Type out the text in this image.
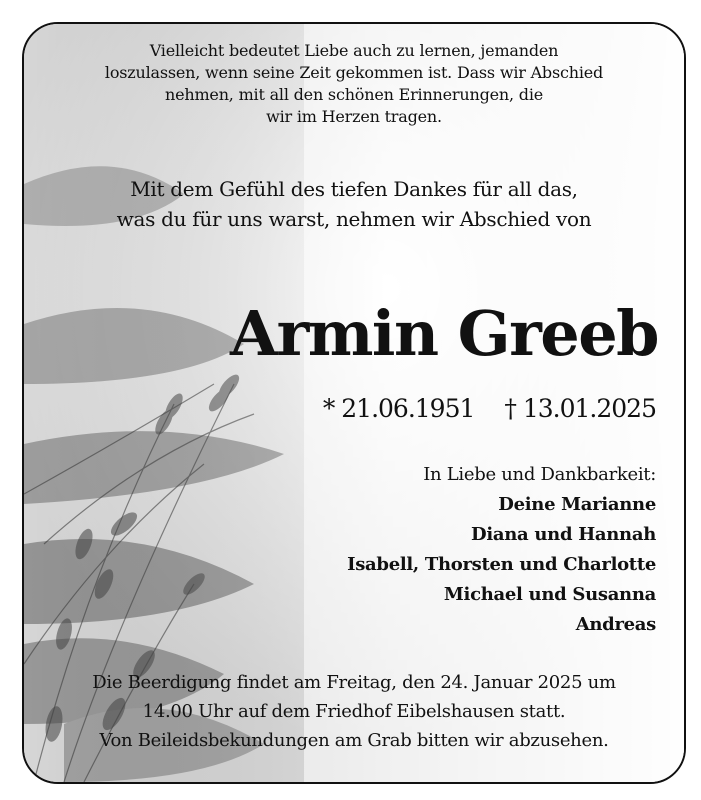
Vielleicht bedeutet Liebe auch zu lernen, jemanden
loszulassen, wenn seine Zeit gekommen ist. Dass wir Abschied
nehmen, mit all den schönen Erinnerungen, die
wir im Herzen tragen.
Mit dem Gefühl des tiefen Dankes für all das,
was du für uns warst, nehmen wir Abschied von
Armin Greeb
* 21.06.1951 † 13.01.2025
In Liebe und Dankbarkeit:
Deine Marianne
Diana und Hannah
Isabell, Thorsten und Charlotte
Michael und Susanna
Andreas
Die Beerdigung findet am Freitag, den 24. Januar 2025 um
14.00 Uhr auf dem Friedhof Eibelshausen statt.
Von Beileidsbekundungen am Grab bitten wir abzusehen.
